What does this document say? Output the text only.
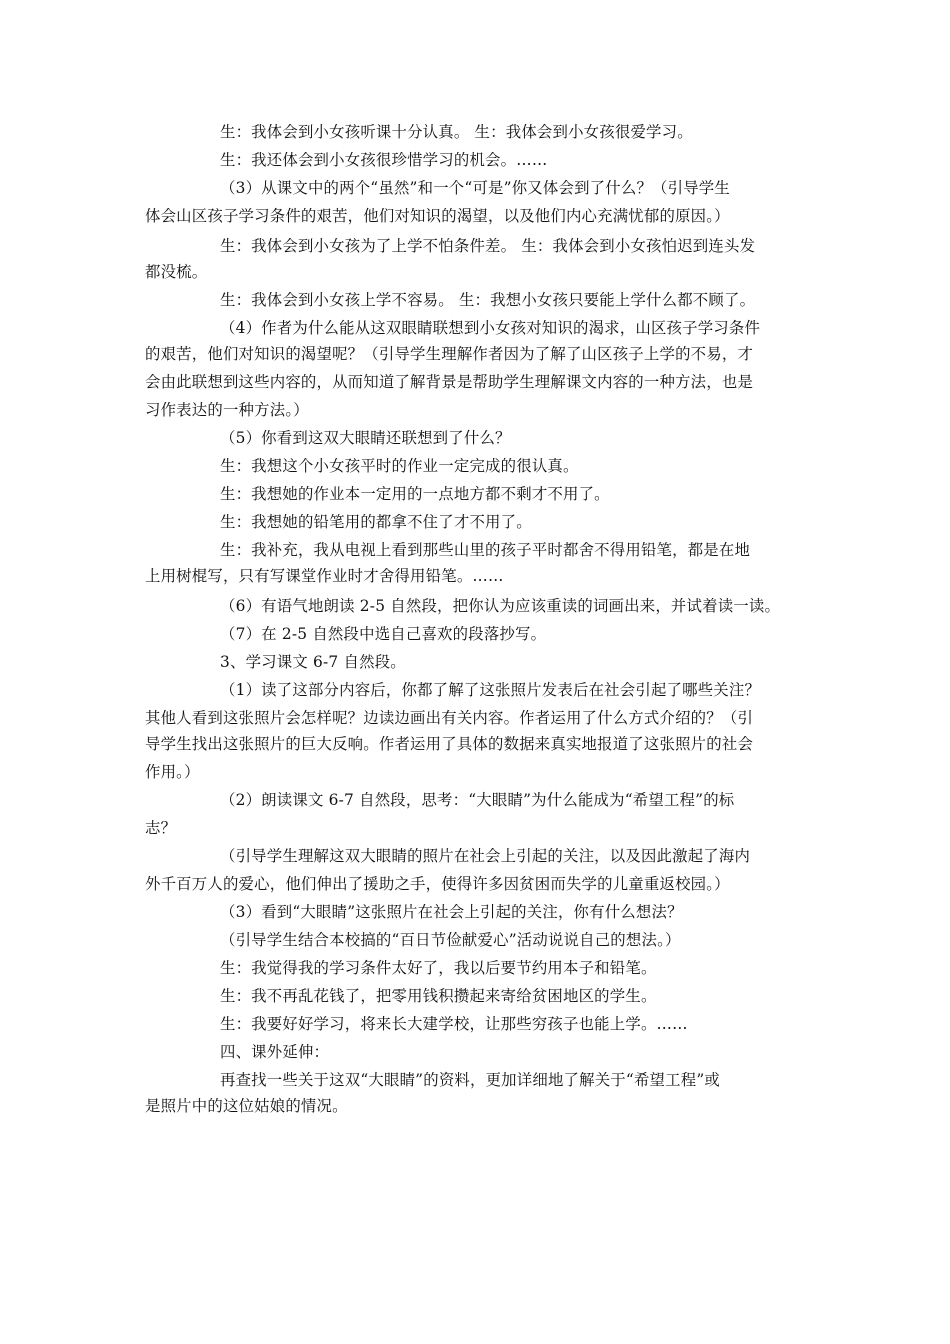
生：我体会到小女孩听课十分认真。 生：我体会到小女孩很爱学习。

生：我还体会到小女孩很珍惜学习的机会。……

（3）从课文中的两个“虽然”和一个“可是”你又体会到了什么？（引导学生

体会山区孩子学习条件的艰苦，他们对知识的渴望，以及他们内心充满忧郁的原因。）

生：我体会到小女孩为了上学不怕条件差。 生：我体会到小女孩怕迟到连头发

都没梳。

生：我体会到小女孩上学不容易。 生：我想小女孩只要能上学什么都不顾了。

（4）作者为什么能从这双眼睛联想到小女孩对知识的渴求，山区孩子学习条件

的艰苦，他们对知识的渴望呢？（引导学生理解作者因为了解了山区孩子上学的不易，才

会由此联想到这些内容的，从而知道了解背景是帮助学生理解课文内容的一种方法，也是

习作表达的一种方法。）

（5）你看到这双大眼睛还联想到了什么？

生：我想这个小女孩平时的作业一定完成的很认真。

生：我想她的作业本一定用的一点地方都不剩才不用了。

生：我想她的铅笔用的都拿不住了才不用了。

生：我补充，我从电视上看到那些山里的孩子平时都舍不得用铅笔，都是在地

上用树棍写，只有写课堂作业时才舍得用铅笔。……

（6）有语气地朗读 2-5 自然段，把你认为应该重读的词画出来，并试着读一读。

（7）在 2-5 自然段中选自己喜欢的段落抄写。

3、学习课文 6-7 自然段。

（1）读了这部分内容后，你都了解了这张照片发表后在社会引起了哪些关注？

其他人看到这张照片会怎样呢？边读边画出有关内容。作者运用了什么方式介绍的？（引

导学生找出这张照片的巨大反响。作者运用了具体的数据来真实地报道了这张照片的社会

作用。）

（2）朗读课文 6-7 自然段，思考：“大眼睛”为什么能成为“希望工程”的标

志？

（引导学生理解这双大眼睛的照片在社会上引起的关注，以及因此激起了海内

外千百万人的爱心，他们伸出了援助之手，使得许多因贫困而失学的儿童重返校园。）

（3）看到“大眼睛”这张照片在社会上引起的关注，你有什么想法？

（引导学生结合本校搞的“百日节俭献爱心”活动说说自己的想法。）

生：我觉得我的学习条件太好了，我以后要节约用本子和铅笔。

生：我不再乱花钱了，把零用钱积攒起来寄给贫困地区的学生。

生：我要好好学习，将来长大建学校，让那些穷孩子也能上学。……

四、课外延伸：

再查找一些关于这双“大眼睛”的资料，更加详细地了解关于“希望工程”或

是照片中的这位姑娘的情况。
